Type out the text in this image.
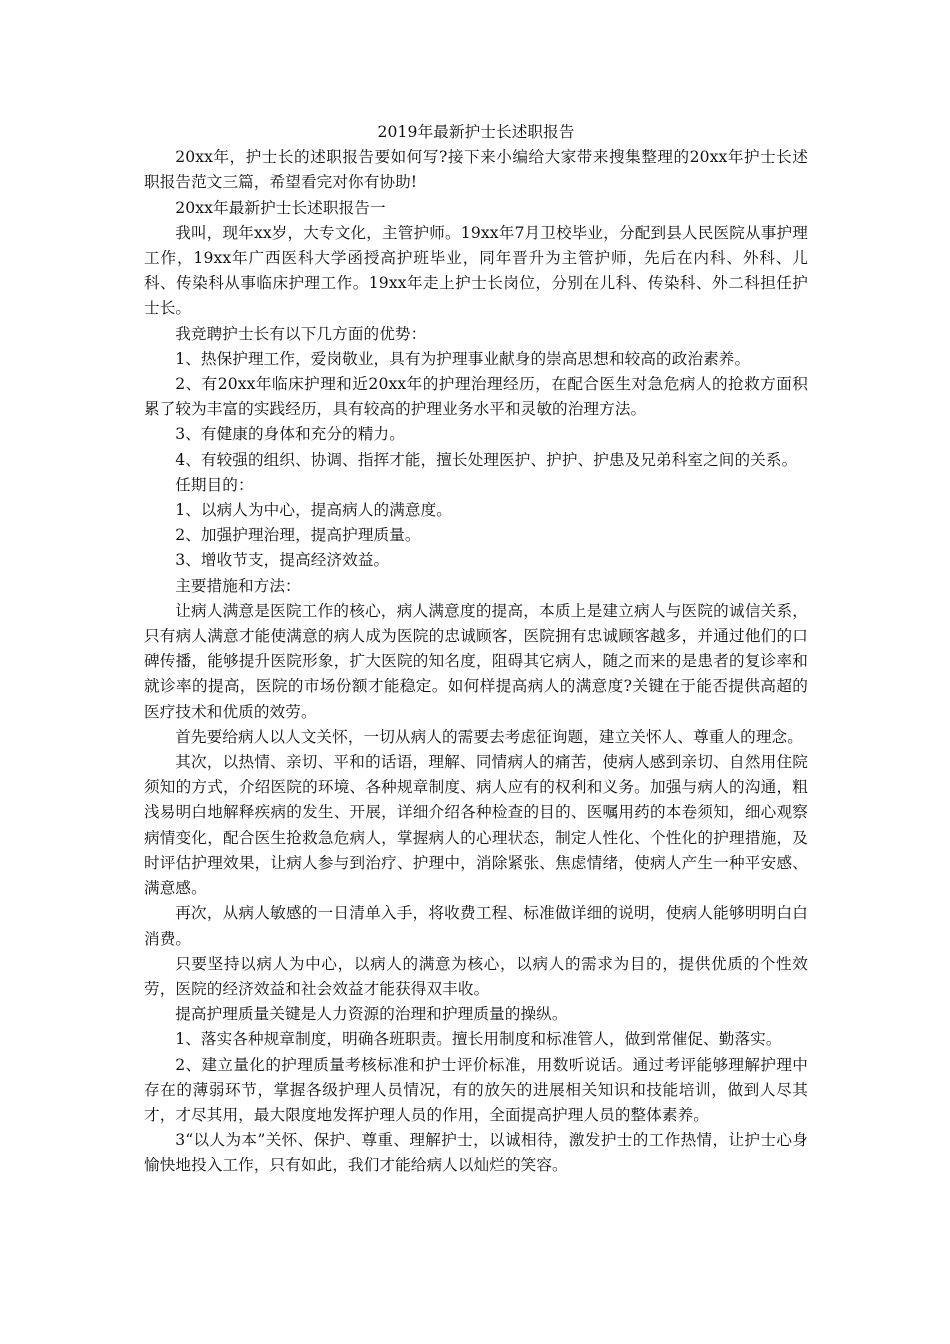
2019年最新护士长述职报告

20xx年，护士长的述职报告要如何写?接下来小编给大家带来搜集整理的20xx年护士长述职报告范文三篇，希望看完对你有协助!

20xx年最新护士长述职报告一

我叫，现年xx岁，大专文化，主管护师。19xx年7月卫校毕业，分配到县人民医院从事护理工作，19xx年广西医科大学函授高护班毕业，同年晋升为主管护师，先后在内科、外科、儿科、传染科从事临床护理工作。19xx年走上护士长岗位，分别在儿科、传染科、外二科担任护士长。

我竞聘护士长有以下几方面的优势：

1、热保护理工作，爱岗敬业，具有为护理事业献身的崇高思想和较高的政治素养。

2、有20xx年临床护理和近20xx年的护理治理经历，在配合医生对急危病人的抢救方面积累了较为丰富的实践经历，具有较高的护理业务水平和灵敏的治理方法。

3、有健康的身体和充分的精力。

4、有较强的组织、协调、指挥才能，擅长处理医护、护护、护患及兄弟科室之间的关系。

任期目的：

1、以病人为中心，提高病人的满意度。

2、加强护理治理，提高护理质量。

3、增收节支，提高经济效益。

主要措施和方法：

让病人满意是医院工作的核心，病人满意度的提高，本质上是建立病人与医院的诚信关系，只有病人满意才能使满意的病人成为医院的忠诚顾客，医院拥有忠诚顾客越多，并通过他们的口碑传播，能够提升医院形象，扩大医院的知名度，阻碍其它病人，随之而来的是患者的复诊率和就诊率的提高，医院的市场份额才能稳定。如何样提高病人的满意度?关键在于能否提供高超的医疗技术和优质的效劳。

首先要给病人以人文关怀，一切从病人的需要去考虑征询题，建立关怀人、尊重人的理念。

其次，以热情、亲切、平和的话语，理解、同情病人的痛苦，使病人感到亲切、自然用住院须知的方式，介绍医院的环境、各种规章制度、病人应有的权利和义务。加强与病人的沟通，粗浅易明白地解释疾病的发生、开展，详细介绍各种检查的目的、医嘱用药的本卷须知，细心观察病情变化，配合医生抢救急危病人，掌握病人的心理状态，制定人性化、个性化的护理措施，及时评估护理效果，让病人参与到治疗、护理中，消除紧张、焦虑情绪，使病人产生一种平安感、满意感。

再次，从病人敏感的一日清单入手，将收费工程、标准做详细的说明，使病人能够明明白白消费。

只要坚持以病人为中心，以病人的满意为核心，以病人的需求为目的，提供优质的个性效劳，医院的经济效益和社会效益才能获得双丰收。

提高护理质量关键是人力资源的治理和护理质量的操纵。

1、落实各种规章制度，明确各班职责。擅长用制度和标准管人，做到常催促、勤落实。

2、建立量化的护理质量考核标准和护士评价标准，用数听说话。通过考评能够理解护理中存在的薄弱环节，掌握各级护理人员情况，有的放矢的进展相关知识和技能培训，做到人尽其才，才尽其用，最大限度地发挥护理人员的作用，全面提高护理人员的整体素养。

3“以人为本”关怀、保护、尊重、理解护士，以诚相待，激发护士的工作热情，让护士心身愉快地投入工作，只有如此，我们才能给病人以灿烂的笑容。
